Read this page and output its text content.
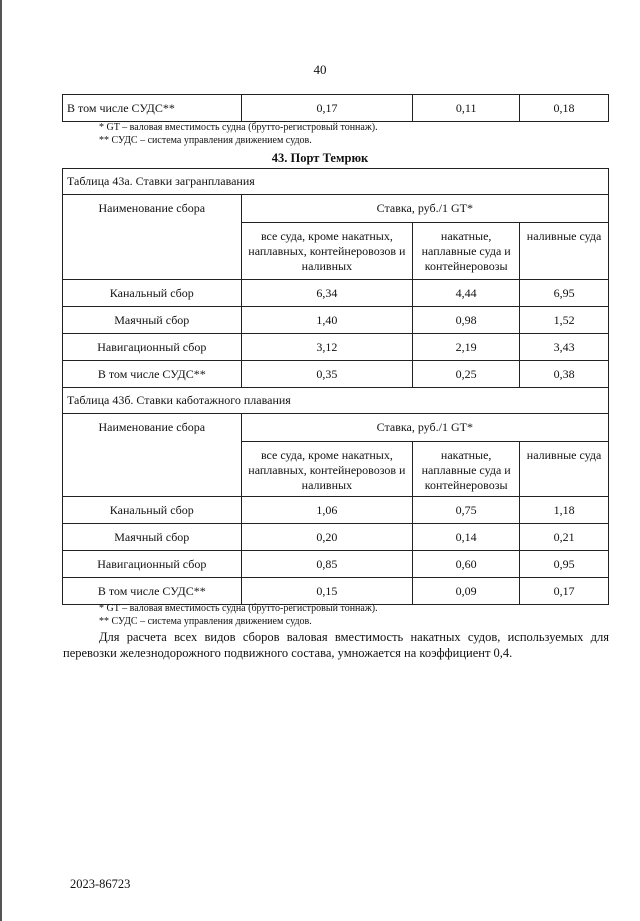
40
В том числе СУДС**	0,17	0,11	0,18
* GT – валовая вместимость судна (брутто-регистровый тоннаж).
** СУДС – система управления движением судов.
43. Порт Темрюк
Таблица 43а. Ставки загранплавания			
Наименование сбора	Ставка, руб./1 GT*		
	все суда, кроме накатных, наплавных, контейнеровозов и наливных	накатные, наплавные суда и контейнеровозы	наливные суда
Канальный сбор	6,34	4,44	6,95
Маячный сбор	1,40	0,98	1,52
Навигационный сбор	3,12	2,19	3,43
В том числе СУДС**	0,35	0,25	0,38
Таблица 43б. Ставки каботажного плавания			
Наименование сбора	Ставка, руб./1 GT*		
	все суда, кроме накатных, наплавных, контейнеровозов и наливных	накатные, наплавные суда и контейнеровозы	наливные суда
Канальный сбор	1,06	0,75	1,18
Маячный сбор	0,20	0,14	0,21
Навигационный сбор	0,85	0,60	0,95
В том числе СУДС**	0,15	0,09	0,17
* GT – валовая вместимость судна (брутто-регистровый тоннаж).
** СУДС – система управления движением судов.
Для расчета всех видов сборов валовая вместимость накатных судов, используемых для перевозки железнодорожного подвижного состава, умножается на коэффициент 0,4.
2023-86723
